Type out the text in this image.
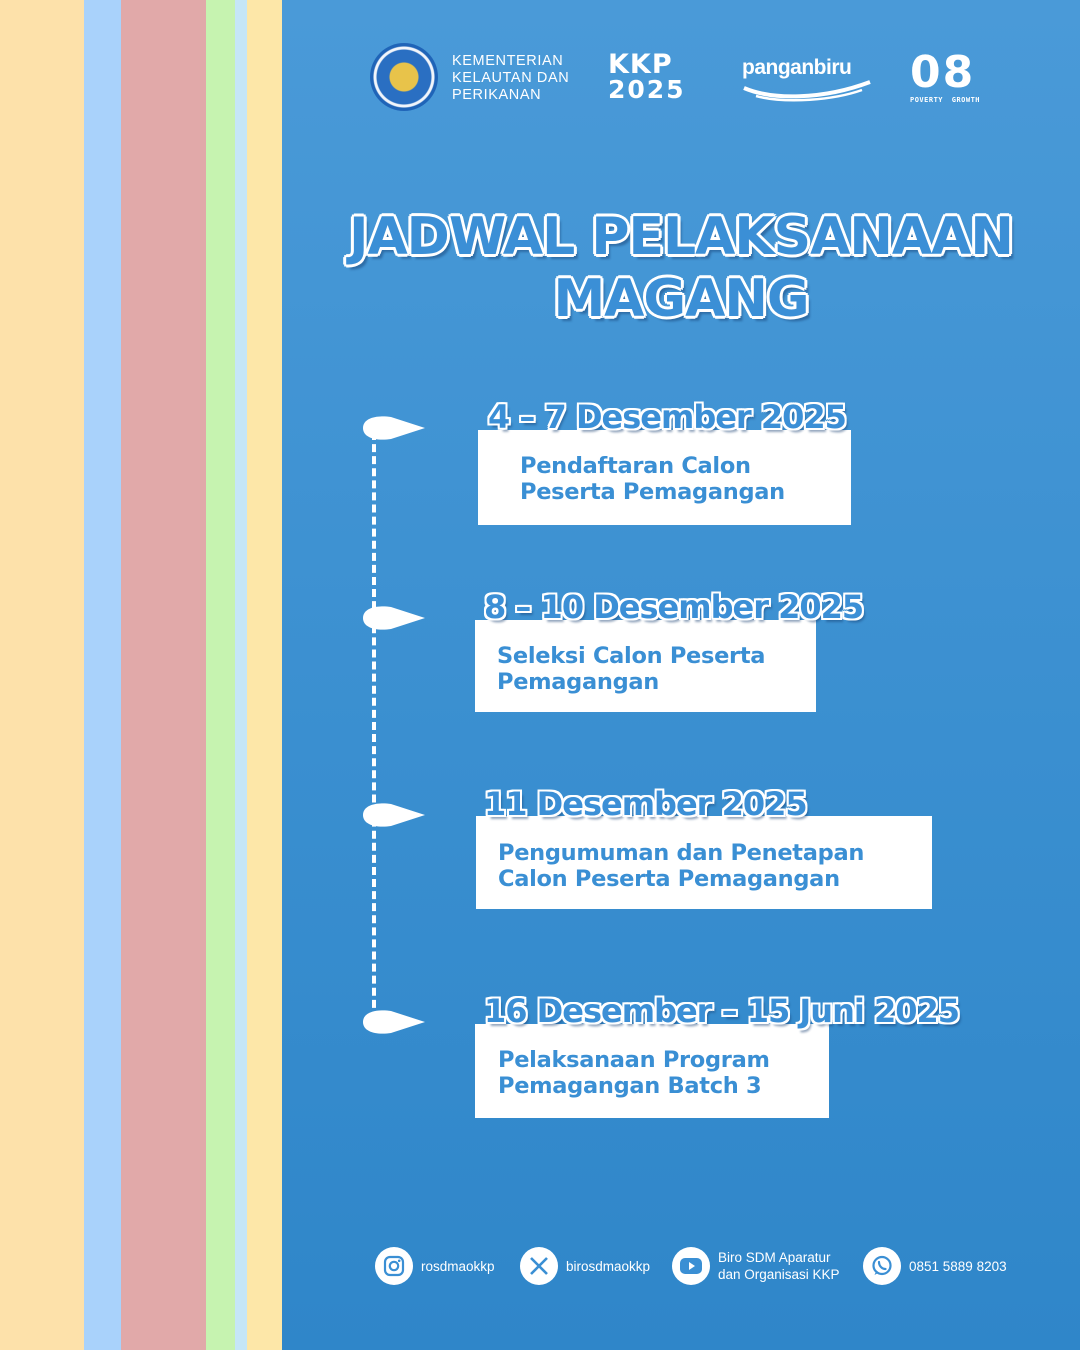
KEMENTERIAN
KELAUTAN DAN
PERIKANAN
KKP
2025
panganbiru	08
POVERTY GROWTH
JADWAL PELAKSANAAN
MAGANG
Pendaftaran Calon
Peserta Pemagangan
4 – 7 Desember 2025
Seleksi Calon Peserta
Pemagangan
8 – 10 Desember 2025
Pengumuman dan Penetapan
Calon Peserta Pemagangan
11 Desember 2025
Pelaksanaan Program
Pemagangan Batch 3
16 Desember – 15 Juni 2025
rosdmaokkp	birosdmaokkp
Biro SDM Aparatur
dan Organisasi KKP
0851 5889 8203
